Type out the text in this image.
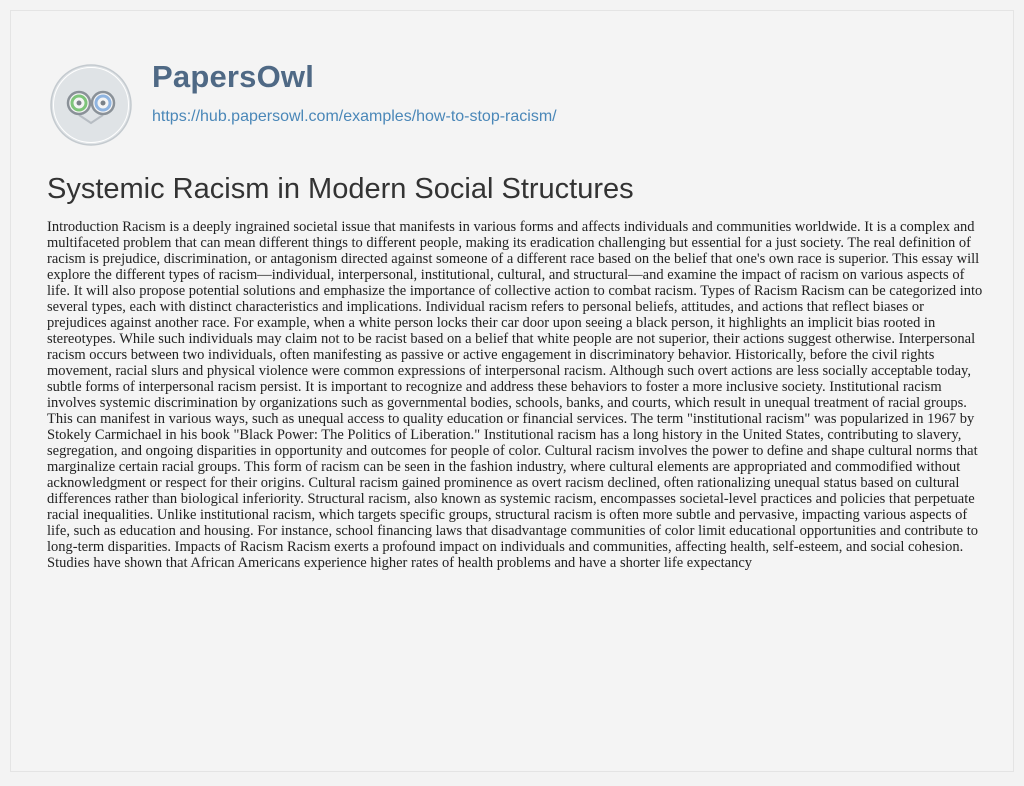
PapersOwl
https://hub.papersowl.com/examples/how-to-stop-racism/
Systemic Racism in Modern Social Structures

Introduction Racism is a deeply ingrained societal issue that manifests in various forms and affects individuals and communities worldwide. It is a complex and multifaceted problem that can mean different things to different people, making its eradication challenging but essential for a just society. The real definition of racism is prejudice, discrimination, or antagonism directed against someone of a different race based on the belief that one's own race is superior. This essay will explore the different types of racism—individual, interpersonal, institutional, cultural, and structural—and examine the impact of racism on various aspects of life. It will also propose potential solutions and emphasize the importance of collective action to combat racism. Types of Racism Racism can be categorized into several types, each with distinct characteristics and implications. Individual racism refers to personal beliefs, attitudes, and actions that reflect biases or prejudices against another race. For example, when a white person locks their car door upon seeing a black person, it highlights an implicit bias rooted in stereotypes. While such individuals may claim not to be racist based on a belief that white people are not superior, their actions suggest otherwise. Interpersonal racism occurs between two individuals, often manifesting as passive or active engagement in discriminatory behavior. Historically, before the civil rights movement, racial slurs and physical violence were common expressions of interpersonal racism. Although such overt actions are less socially acceptable today, subtle forms of interpersonal racism persist. It is important to recognize and address these behaviors to foster a more inclusive society. Institutional racism involves systemic discrimination by organizations such as governmental bodies, schools, banks, and courts, which result in unequal treatment of racial groups. This can manifest in various ways, such as unequal access to quality education or financial services. The term "institutional racism" was popularized in 1967 by Stokely Carmichael in his book "Black Power: The Politics of Liberation." Institutional racism has a long history in the United States, contributing to slavery, segregation, and ongoing disparities in opportunity and outcomes for people of color. Cultural racism involves the power to define and shape cultural norms that marginalize certain racial groups. This form of racism can be seen in the fashion industry, where cultural elements are appropriated and commodified without acknowledgment or respect for their origins. Cultural racism gained prominence as overt racism declined, often rationalizing unequal status based on cultural differences rather than biological inferiority. Structural racism, also known as systemic racism, encompasses societal-level practices and policies that perpetuate racial inequalities. Unlike institutional racism, which targets specific groups, structural racism is often more subtle and pervasive, impacting various aspects of life, such as education and housing. For instance, school financing laws that disadvantage communities of color limit educational opportunities and contribute to long-term disparities. Impacts of Racism Racism exerts a profound impact on individuals and communities, affecting health, self-esteem, and social cohesion. Studies have shown that African Americans experience higher rates of health problems and have a shorter life expectancy
